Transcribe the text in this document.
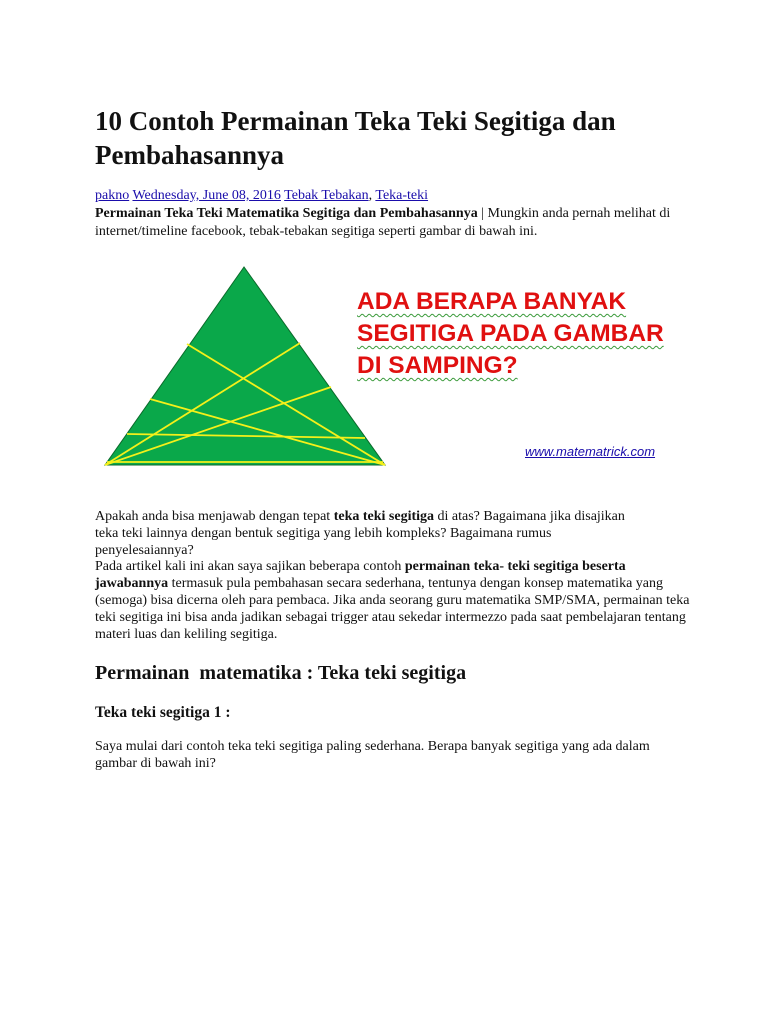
10 Contoh Permainan Teka Teki Segitiga dan Pembahasannya
pakno Wednesday, June 08, 2016 Tebak Tebakan, Teka-teki
Permainan Teka Teki Matematika Segitiga dan Pembahasannya | Mungkin anda pernah melihat di internet/timeline facebook, tebak-tebakan segitiga seperti gambar di bawah ini.
ADA BERAPA BANYAK
SEGITIGA PADA GAMBAR
DI SAMPING?
www.matematrick.com

Apakah anda bisa menjawab dengan tepat teka teki segitiga di atas? Bagaimana jika disajikan teka teki lainnya dengan bentuk segitiga yang lebih kompleks? Bagaimana rumus penyelesaiannya?

Pada artikel kali ini akan saya sajikan beberapa contoh permainan teka- teki segitiga beserta jawabannya termasuk pula pembahasan secara sederhana, tentunya dengan konsep matematika yang (semoga) bisa dicerna oleh para pembaca. Jika anda seorang guru matematika SMP/SMA, permainan teka teki segitiga ini bisa anda jadikan sebagai trigger atau sekedar intermezzo pada saat pembelajaran tentang materi luas dan keliling segitiga.

Permainan  matematika : Teka teki segitiga
Teka teki segitiga 1 :

Saya mulai dari contoh teka teki segitiga paling sederhana. Berapa banyak segitiga yang ada dalam gambar di bawah ini?
